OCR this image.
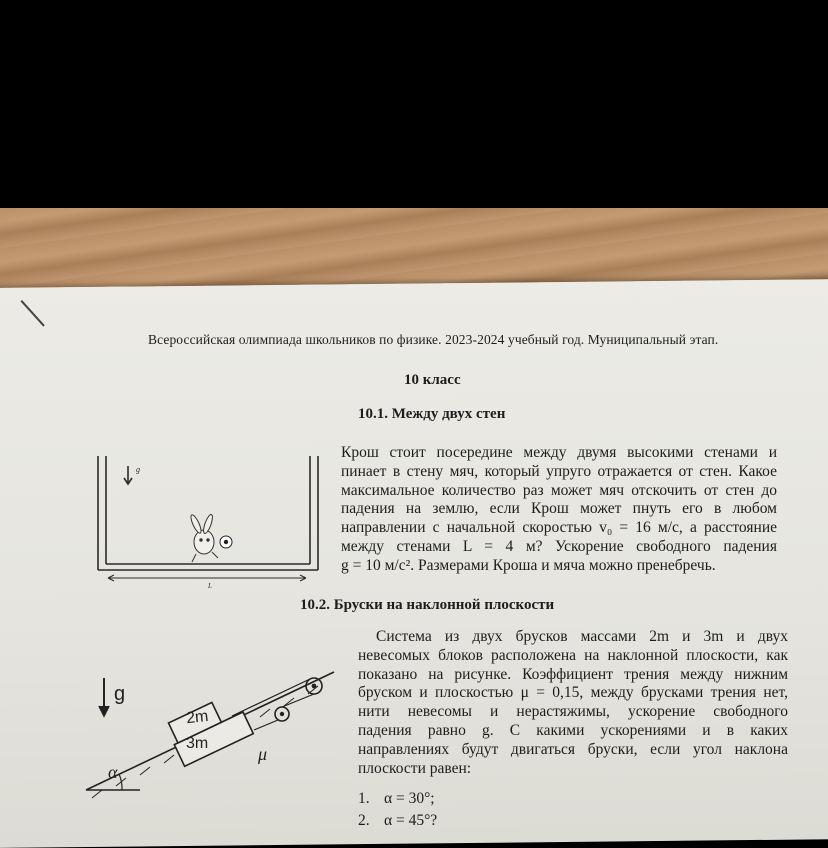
Всероссийская олимпиада школьников по физике. 2023-2024 учебный год. Муниципальный этап.
10 класс
10.1. Между двух стен
Крош стоит посередине между двумя высокими стенами и
пинает в стену мяч, который упруго отражается от стен. Какое
максимальное количество раз может мяч отскочить от стен до
падения на землю, если Крош может пнуть его в любом
направлении с начальной скоростью v₀ = 16 м/с, а расстояние
между стенами L = 4 м? Ускорение свободного падения
g = 10 м/с². Размерами Кроша и мяча можно пренебречь.
g
L
10.2. Бруски на наклонной плоскости
Система из двух брусков массами 2m и 3m и двух
невесомых блоков расположена на наклонной плоскости, как
показано на рисунке. Коэффициент трения между нижним
бруском и плоскостью μ = 0,15, между брусками трения нет,
нити невесомы и нерастяжимы, ускорение свободного
падения равно g. С какими ускорениями и в каких
направлениях будут двигаться бруски, если угол наклона
плоскости равен:
1. α = 30°;
2. α = 45°?
g
2m
3m
μ
α
